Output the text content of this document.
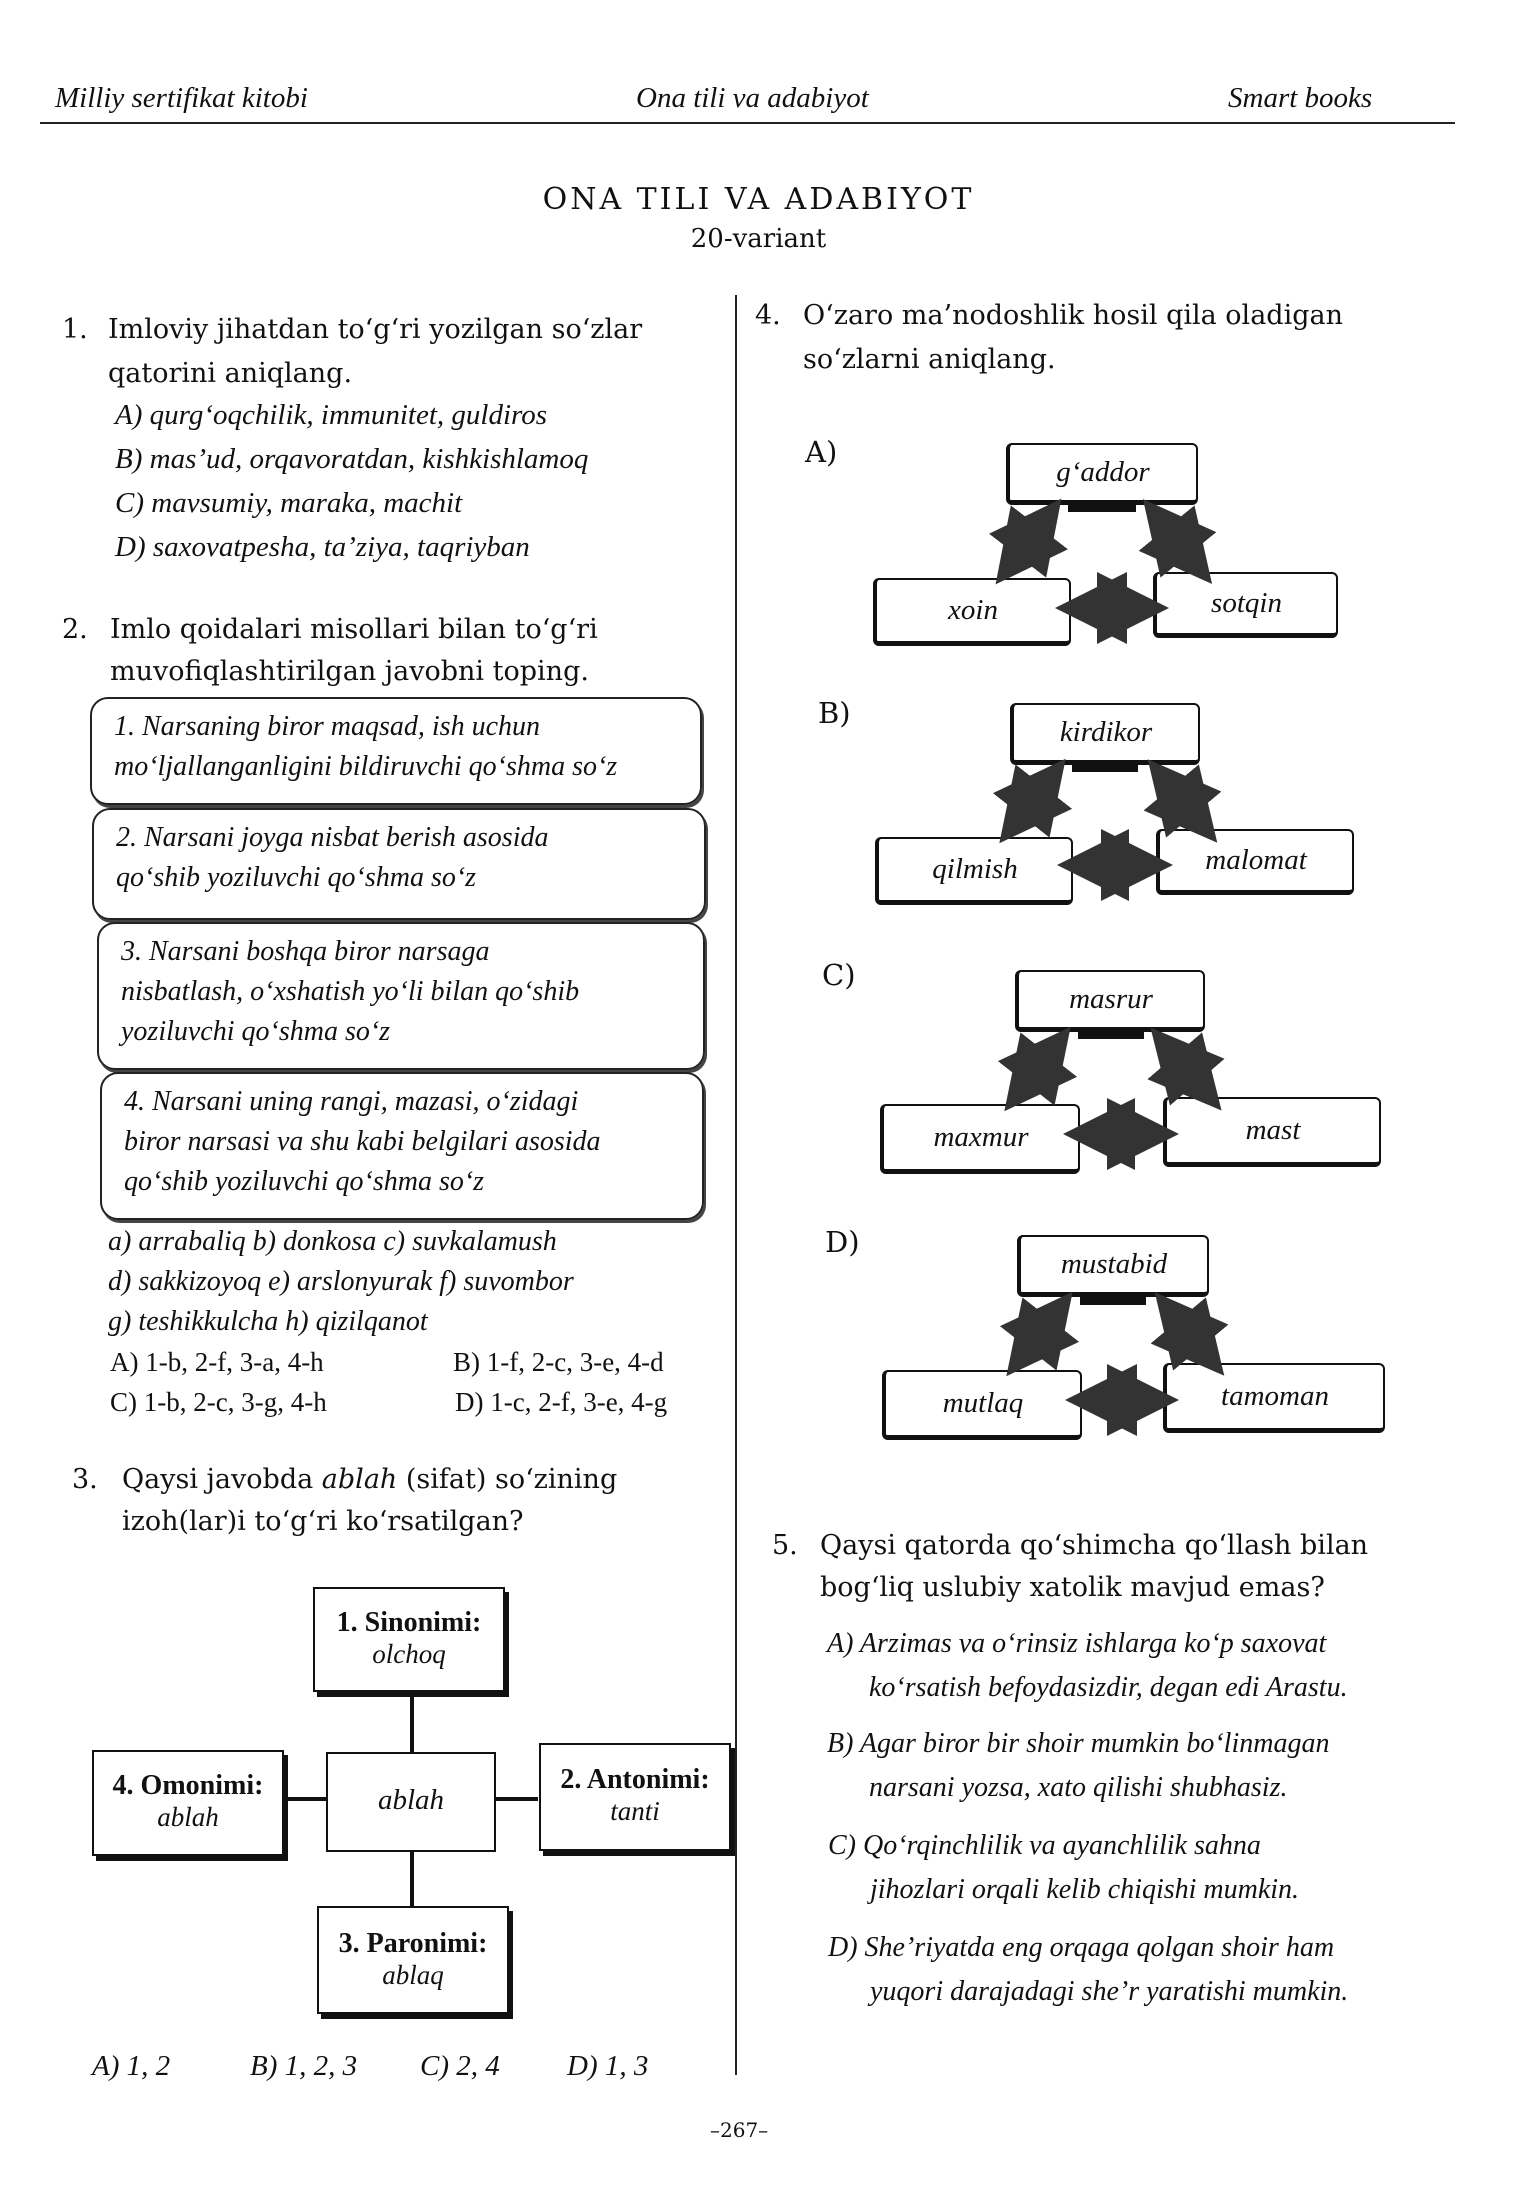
Milliy sertifikat kitobi	Ona tili va adabiyot	Smart books
ONA TILI VA ADABIYOT
20-variant
1. Imloviy jihatdan to‘g‘ri yozilgan so‘zlar
qatorini aniqlang.
A) qurg‘oqchilik, immunitet, guldiros
B) mas’ud, orqavoratdan, kishkishlamoq
C) mavsumiy, maraka, machit
D) saxovatpesha, ta’ziya, taqriyban
2. Imlo qoidalari misollari bilan to‘g‘ri
muvofiqlashtirilgan javobni toping.
1. Narsaning biror maqsad, ish uchun
mo‘ljallanganligini bildiruvchi qo‘shma so‘z
2. Narsani joyga nisbat berish asosida
qo‘shib yoziluvchi qo‘shma so‘z
3. Narsani boshqa biror narsaga
nisbatlash, o‘xshatish yo‘li bilan qo‘shib
yoziluvchi qo‘shma so‘z
4. Narsani uning rangi, mazasi, o‘zidagi
biror narsasi va shu kabi belgilari asosida
qo‘shib yoziluvchi qo‘shma so‘z
a) arrabaliq b) donkosa c) suvkalamush
d) sakkizoyoq e) arslonyurak f) suvombor
g) teshikkulcha h) qizilqanot
A) 1-b, 2-f, 3-a, 4-h	B) 1-f, 2-c, 3-e, 4-d
C) 1-b, 2-c, 3-g, 4-h	D) 1-c, 2-f, 3-e, 4-g
3. Qaysi javobda ablah (sifat) so‘zining
izoh(lar)i to‘g‘ri ko‘rsatilgan?
1. Sinonimi:
olchoq
2. Antonimi:
tanti
3. Paronimi:
ablaq
4. Omonimi:
ablah
ablah
A) 1, 2	B) 1, 2, 3 C) 2, 4 D) 1, 3
4. O‘zaro ma’nodoshlik hosil qila oladigan
so‘zlarni aniqlang.
A)
g‘addor
xoin	sotqin
B)
kirdikor
qilmish	malomat
C)
masrur
maxmur	mast
D)
mustabid
mutlaq	tamoman
5. Qaysi qatorda qo‘shimcha qo‘llash bilan
bog‘liq uslubiy xatolik mavjud emas?
A) Arzimas va o‘rinsiz ishlarga ko‘p saxovat
ko‘rsatish befoydasizdir, degan edi Arastu.
B) Agar biror bir shoir mumkin bo‘linmagan
narsani yozsa, xato qilishi shubhasiz.
C) Qo‘rqinchlilik va ayanchlilik sahna
jihozlari orqali kelib chiqishi mumkin.
D) She’riyatda eng orqaga qolgan shoir ham
yuqori darajadagi she’r yaratishi mumkin.
–267–
